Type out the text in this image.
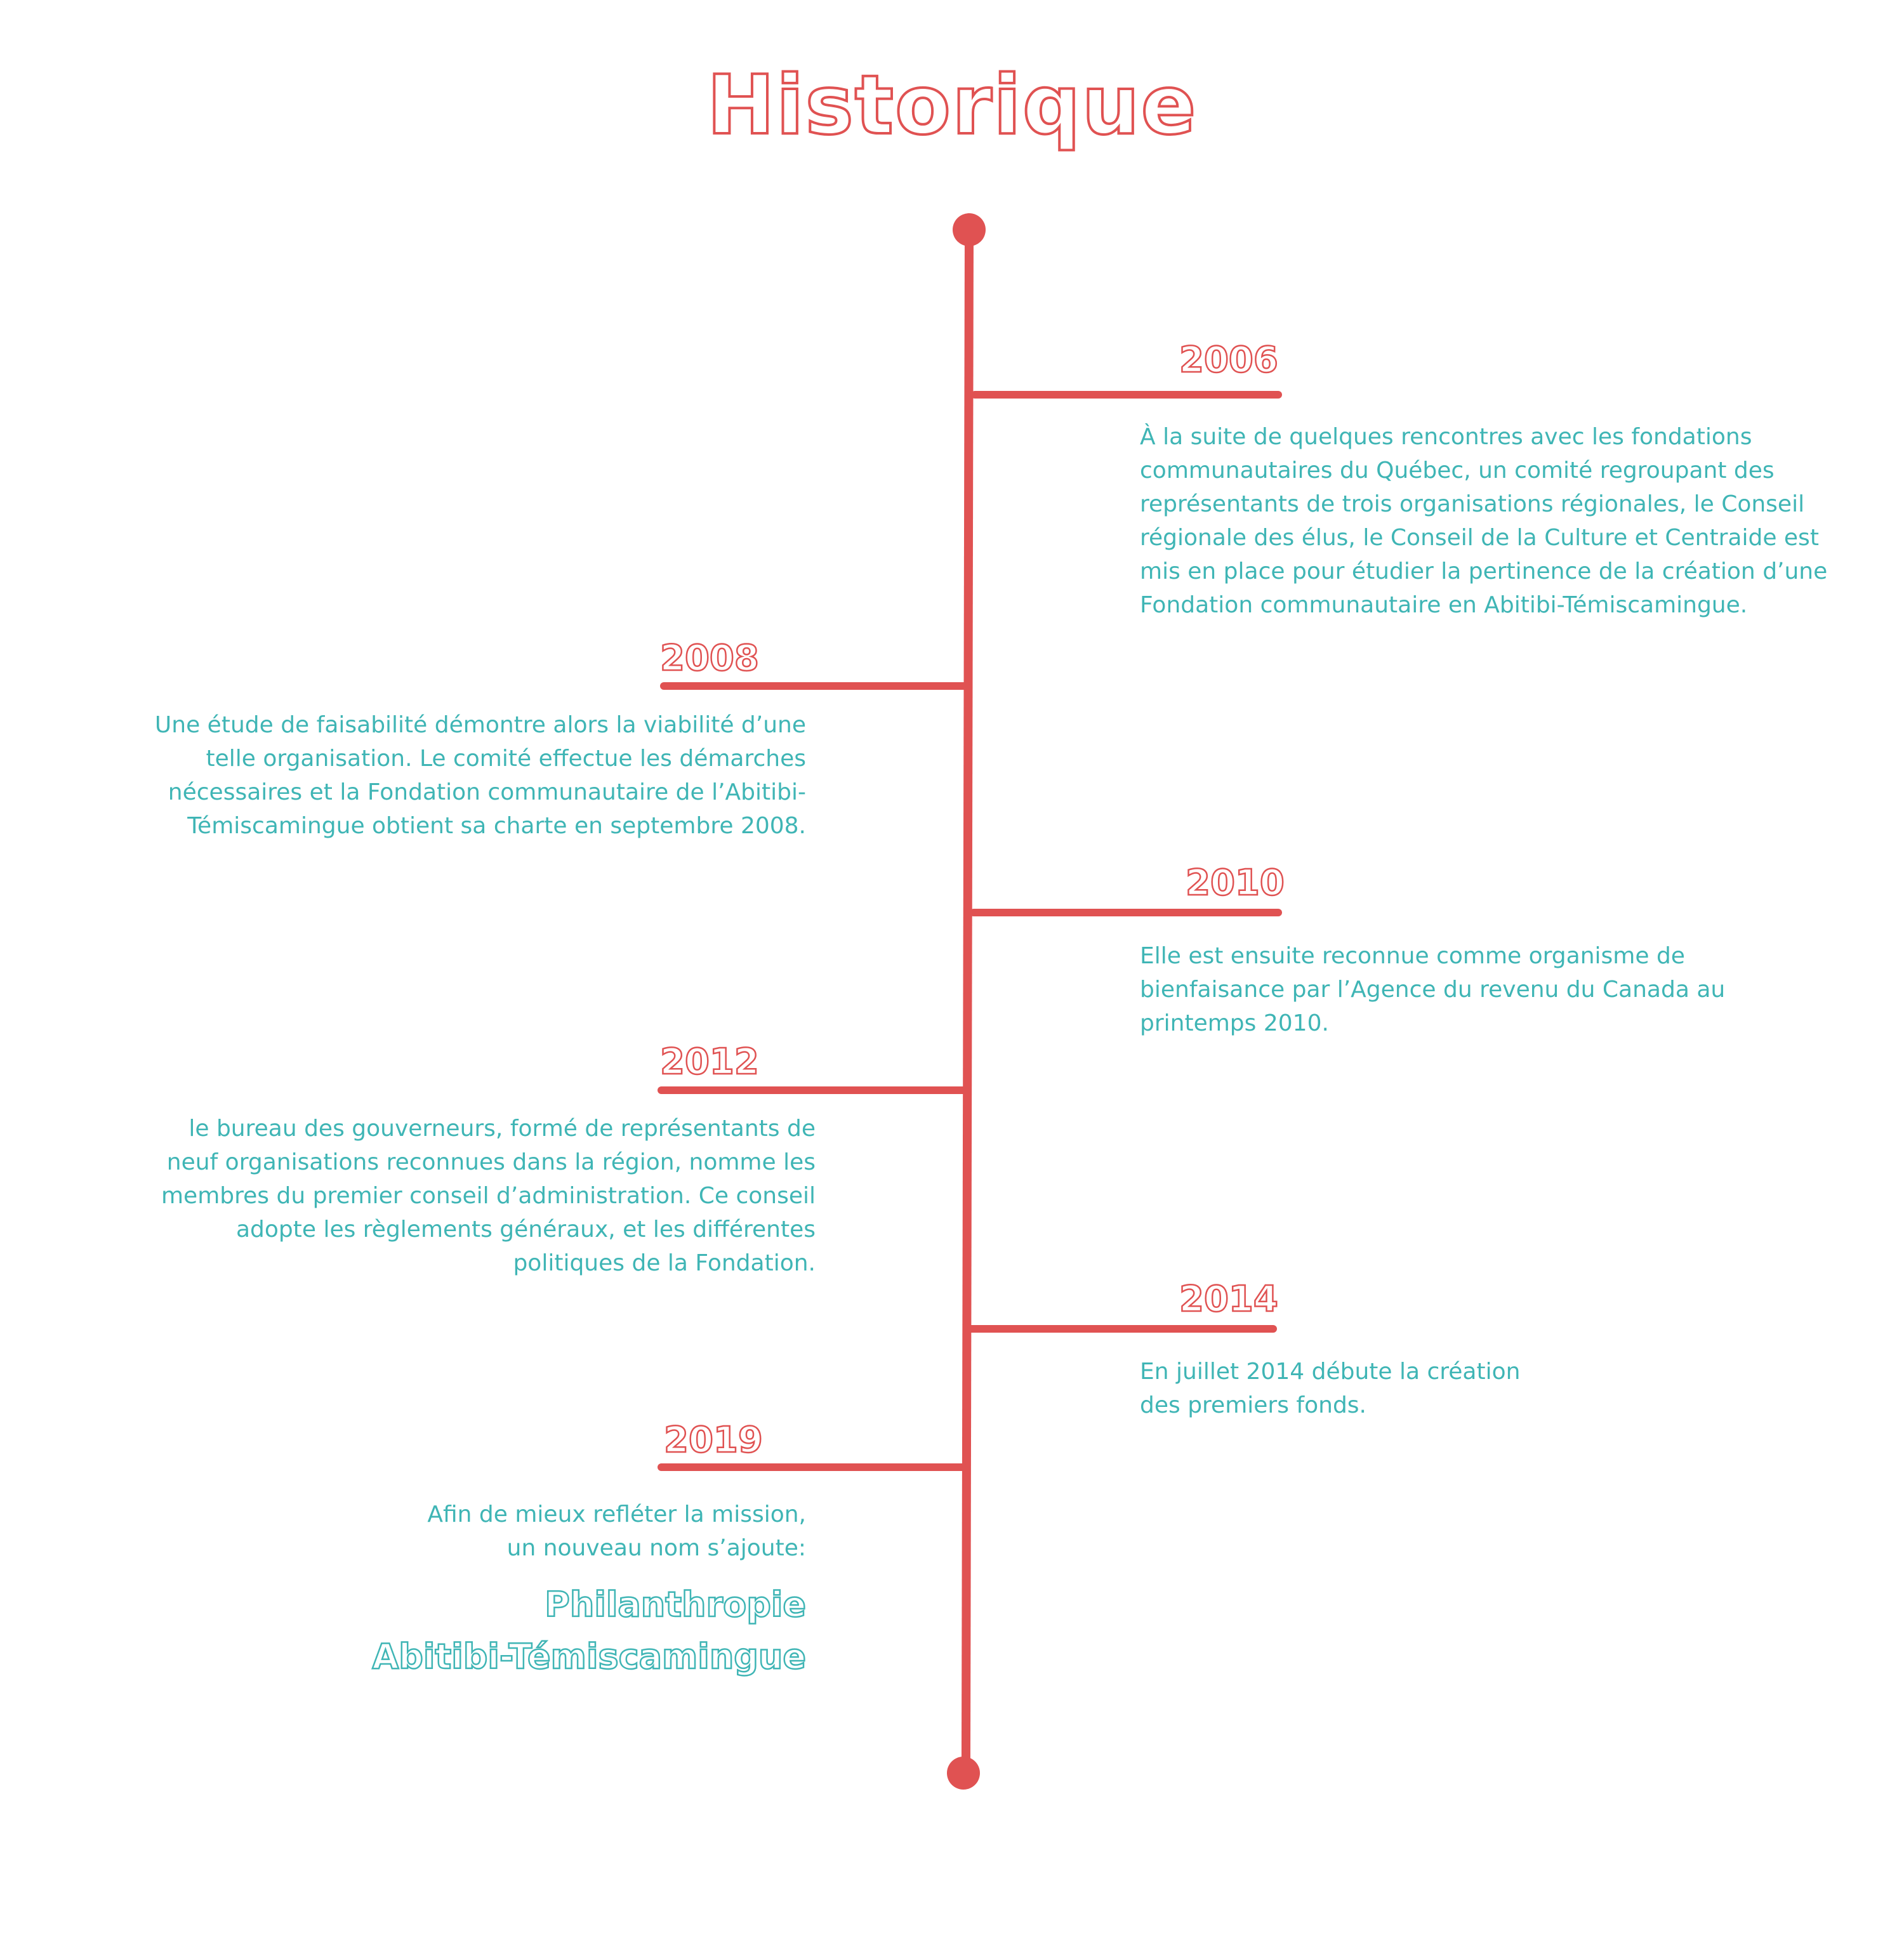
Historique
2006
À la suite de quelques rencontres avec les fondations
communautaires du Québec, un comité regroupant des
représentants de trois organisations régionales, le Conseil
régionale des élus, le Conseil de la Culture et Centraide est
mis en place pour étudier la pertinence de la création d’une
Fondation communautaire en Abitibi-Témiscamingue.
2008
Une étude de faisabilité démontre alors la viabilité d’une
telle organisation. Le comité effectue les démarches
nécessaires et la Fondation communautaire de l’Abitibi-
Témiscamingue obtient sa charte en septembre 2008.
2010
Elle est ensuite reconnue comme organisme de
bienfaisance par l’Agence du revenu du Canada au
printemps 2010.
2012
le bureau des gouverneurs, formé de représentants de
neuf organisations reconnues dans la région, nomme les
membres du premier conseil d’administration. Ce conseil
adopte les règlements généraux, et les différentes
politiques de la Fondation.
2014
En juillet 2014 débute la création
des premiers fonds.
2019
Afin de mieux refléter la mission,
un nouveau nom s’ajoute:
Philanthropie
Abitibi-Témiscamingue
